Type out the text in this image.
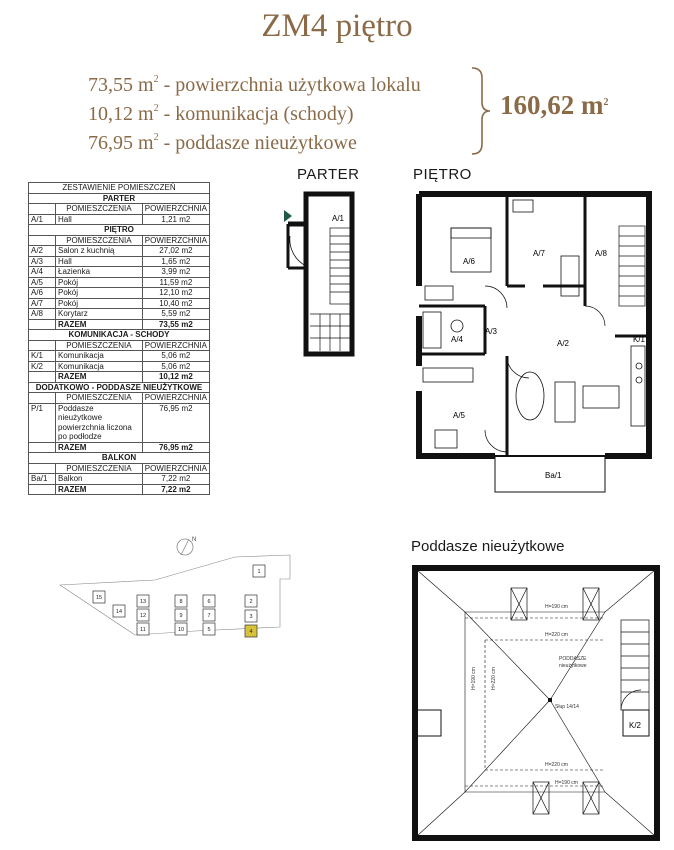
ZM4 piętro
73,55 $m^2$ - powierzchnia użytkowa lokalu
10,12 $m^2$ - komunikacja (schody)
76,95 $m^2$ - poddasze nieużytkowe
160,62 $m^2$
ZESTAWIENIE POMIESZCZEŃ		
PARTER		
	POMIESZCZENIA	POWIERZCHNIA
A/1	Hall	1,21 m2
PIĘTRO		
	POMIESZCZENIA	POWIERZCHNIA
A/2	Salon z kuchnią	27,02 m2
A/3	Hall	1,65 m2
A/4	Łazienka	3,99 m2
A/5	Pokój	11,59 m2
A/6	Pokój	12,10 m2
A/7	Pokój	10,40 m2
A/8	Korytarz	5,59 m2
	RAZEM	73,55 m2
KOMUNIKACJA - SCHODY		
	POMIESZCZENIA	POWIERZCHNIA
K/1	Komunikacja	5,06 m2
K/2	Komunikacja	5,06 m2
	RAZEM	10,12 m2
DODATKOWO - PODDASZE NIEUŻYTKOWE		
	POMIESZCZENIA	POWIERZCHNIA
P/1	Poddasze nieużytkowe powierzchnia liczona po podłodze	76,95 m2
	RAZEM	76,95 m2
BALKON		
	POMIESZCZENIA	POWIERZCHNIA
Ba/1	Balkon	7,22 m2
	RAZEM	7,22 m2
PARTER	PIĘTRO
A/1
A/6
A/7	A/8
A/3
A/4	A/2
A/5
K/1
Ba/1
N
1
2
3
4
5
6
7
8
9
10
11
12
13
14
15
Poddasze nieużytkowe
PODDASZE
nieużytkowe
H=190 cm
H=220 cm
H=190 cm	H=220 cm
H=220 cm
H=190 cm
Słup 14/14
K/2
